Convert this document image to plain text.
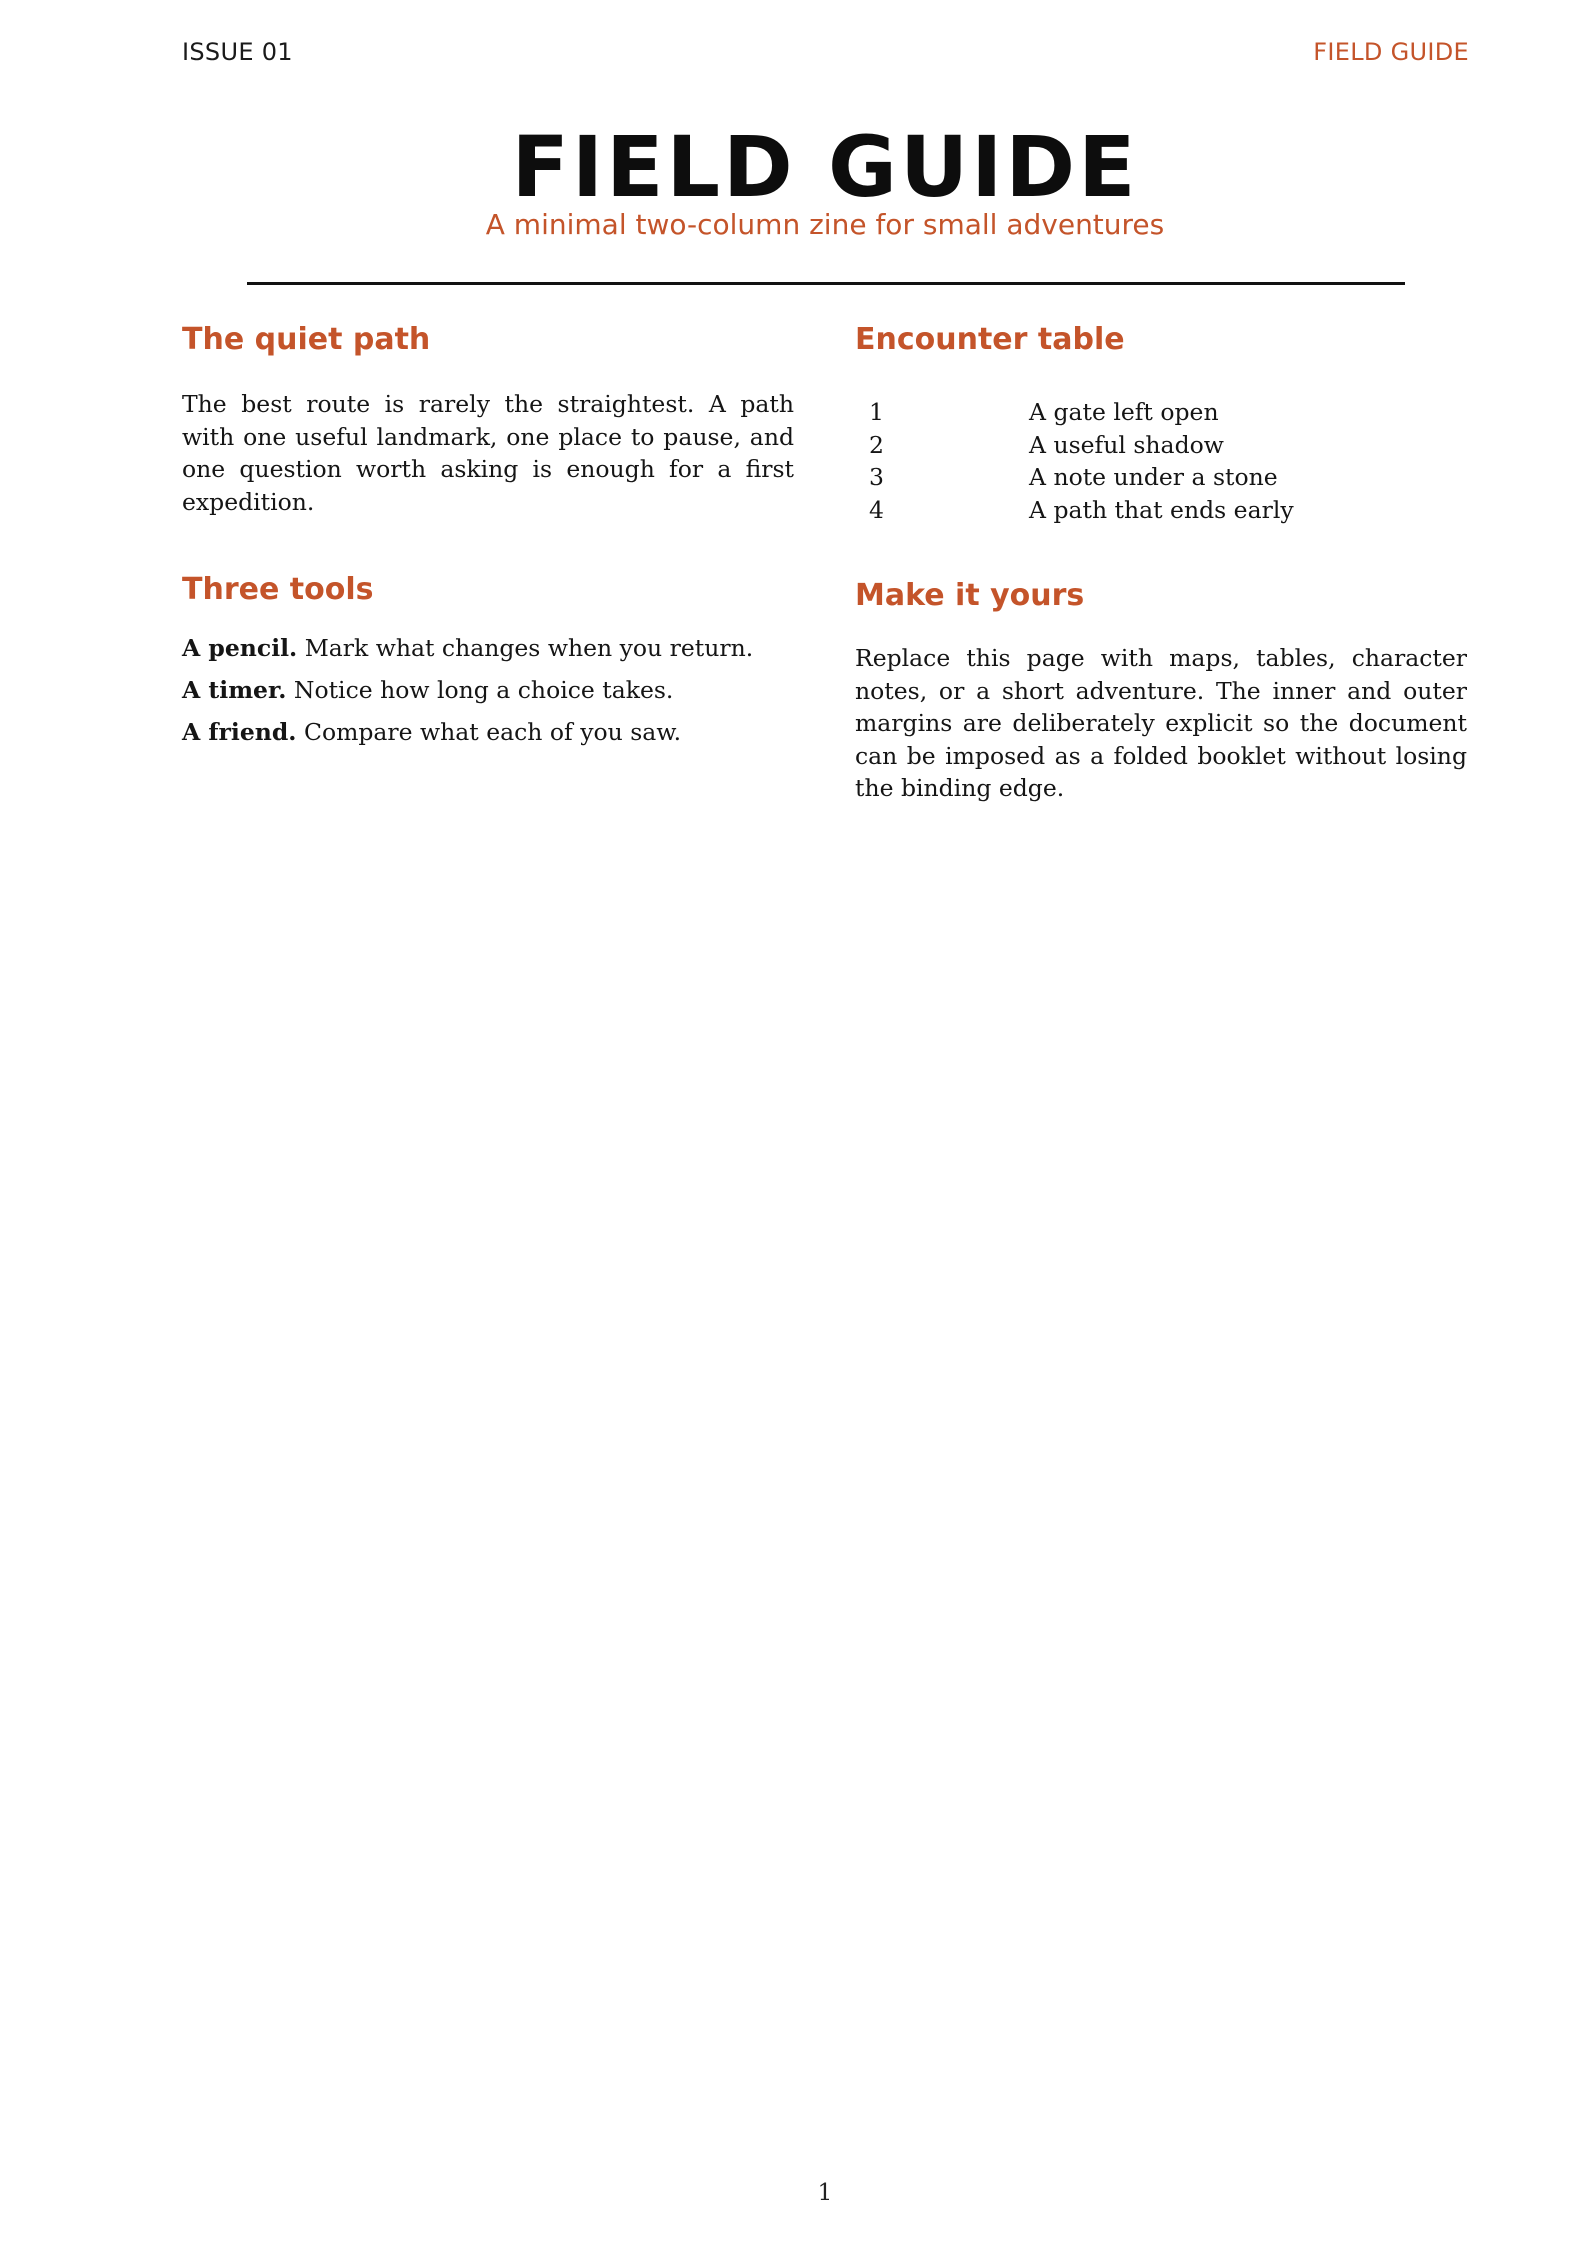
ISSUE 01	FIELD GUIDE
FIELD GUIDE
A minimal two-column zine for small adventures
The quiet path

The best route is rarely the straightest. A path with one useful landmark, one place to pause, and one question worth asking is enough for a first expedition.

Three tools
A pencil. Mark what changes when you return.
A timer. Notice how long a choice takes.
A friend. Compare what each of you saw.
Encounter table
1	A gate left open
2	A useful shadow
3	A note under a stone
4	A path that ends early
Make it yours

Replace this page with maps, tables, character notes, or a short adventure. The inner and outer margins are deliberately explicit so the document can be imposed as a folded booklet without losing the binding edge.

1
